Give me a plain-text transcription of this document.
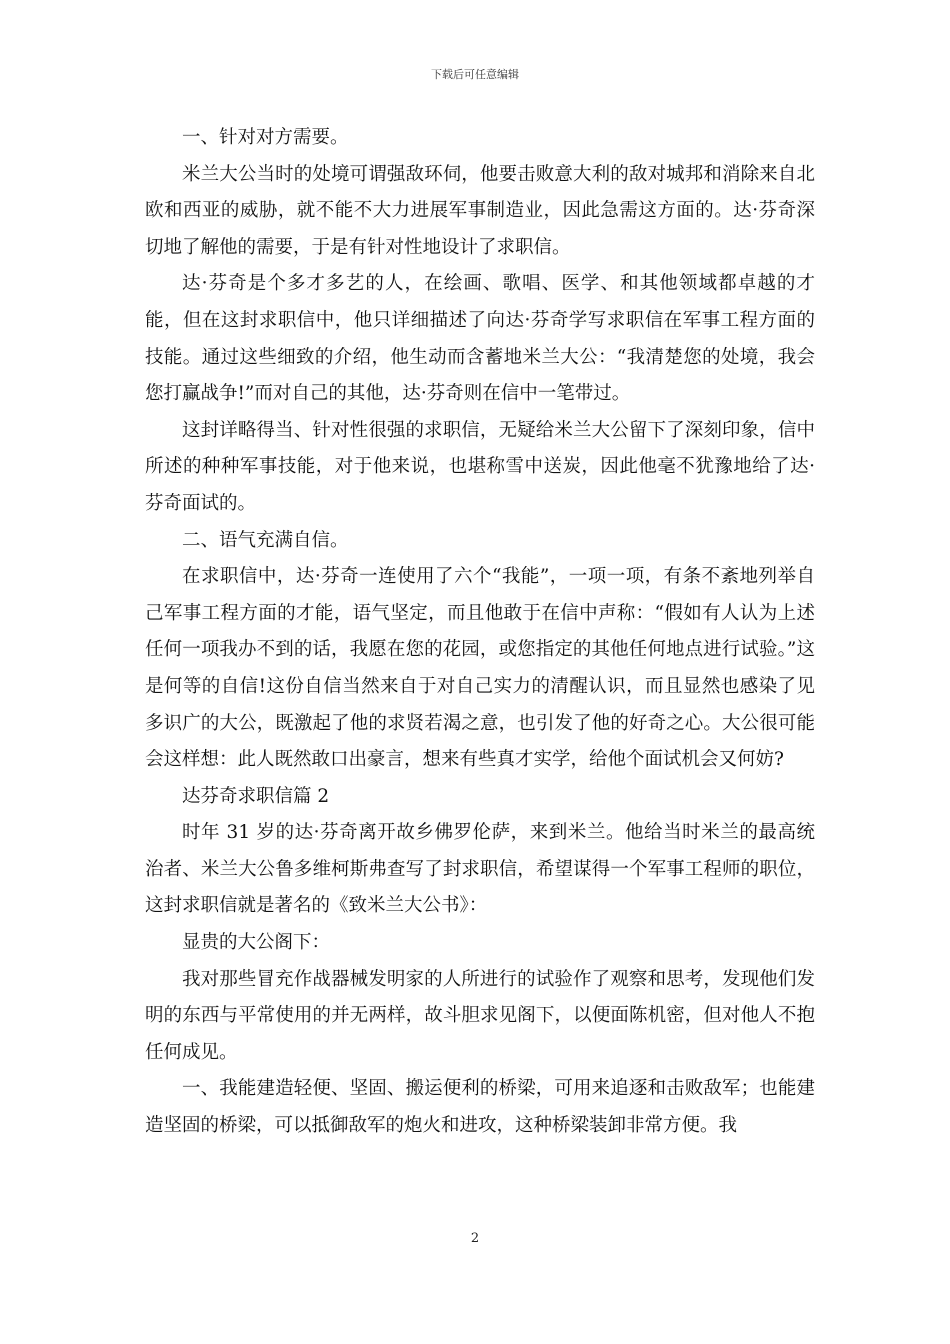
下载后可任意编辑

一、针对对方需要。

米兰大公当时的处境可谓强敌环伺，他要击败意大利的敌对城邦和消除来自北欧和西亚的威胁，就不能不大力进展军事制造业，因此急需这方面的。达·芬奇深切地了解他的需要，于是有针对性地设计了求职信。

达·芬奇是个多才多艺的人，在绘画、歌唱、医学、和其他领域都卓越的才能，但在这封求职信中，他只详细描述了向达·芬奇学写求职信在军事工程方面的技能。通过这些细致的介绍，他生动而含蓄地米兰大公：“我清楚您的处境，我会您打赢战争!”而对自己的其他，达·芬奇则在信中一笔带过。

这封详略得当、针对性很强的求职信，无疑给米兰大公留下了深刻印象，信中所述的种种军事技能，对于他来说，也堪称雪中送炭，因此他毫不犹豫地给了达·芬奇面试的。

二、语气充满自信。

在求职信中，达·芬奇一连使用了六个“我能”，一项一项，有条不紊地列举自己军事工程方面的才能，语气坚定，而且他敢于在信中声称：“假如有人认为上述任何一项我办不到的话，我愿在您的花园，或您指定的其他任何地点进行试验。”这是何等的自信!这份自信当然来自于对自己实力的清醒认识，而且显然也感染了见多识广的大公，既激起了他的求贤若渴之意，也引发了他的好奇之心。大公很可能会这样想：此人既然敢口出豪言，想来有些真才实学，给他个面试机会又何妨?

达芬奇求职信篇 2

时年 31 岁的达·芬奇离开故乡佛罗伦萨，来到米兰。他给当时米兰的最高统治者、米兰大公鲁多维柯斯弗查写了封求职信，希望谋得一个军事工程师的职位，这封求职信就是著名的《致米兰大公书》：

显贵的大公阁下：

我对那些冒充作战器械发明家的人所进行的试验作了观察和思考，发现他们发明的东西与平常使用的并无两样，故斗胆求见阁下，以便面陈机密，但对他人不抱任何成见。

一、我能建造轻便、坚固、搬运便利的桥梁，可用来追逐和击败敌军；也能建造坚固的桥梁，可以抵御敌军的炮火和进攻，这种桥梁装卸非常方便。我

2
